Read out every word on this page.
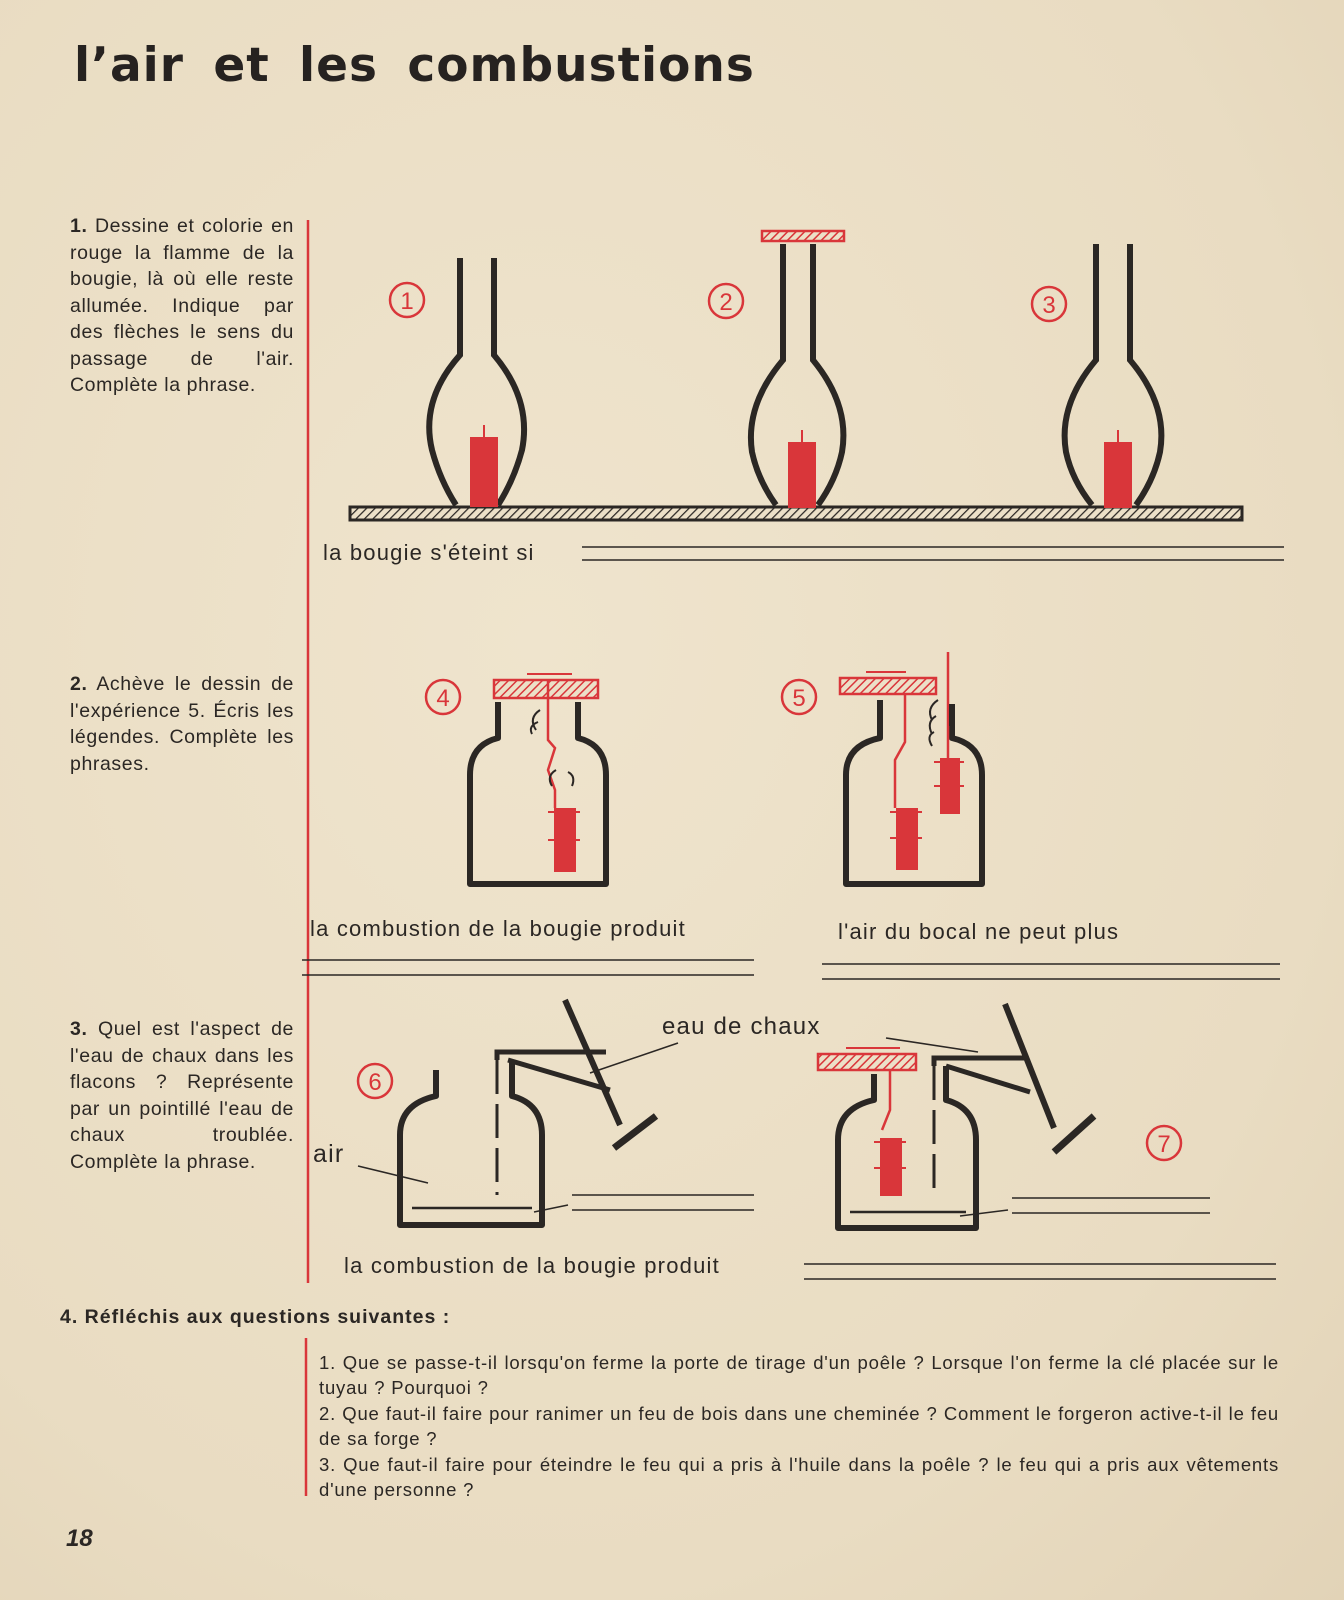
l’air et les combustions
1. Dessine et colorie en rouge la flamme de la bougie, là où elle reste allumée. Indique par des flèches le sens du passage de l'air. Complète la phrase.
2. Achève le dessin de l'expérience 5. Écris les légendes. Complète les phrases.
3. Quel est l'aspect de l'eau de chaux dans les flacons ? Représente par un pointillé l'eau de chaux troublée. Complète la phrase.
1	2	3
4	5
6
7
la bougie s'éteint si
la combustion de la bougie produit	l'air du bocal ne peut plus
eau de chaux
air
la combustion de la bougie produit
4. Réfléchis aux questions suivantes :

1. Que se passe-t-il lorsqu'on ferme la porte de tirage d'un poêle ? Lorsque l'on ferme la clé placée sur le tuyau ? Pourquoi ?

2. Que faut-il faire pour ranimer un feu de bois dans une cheminée ? Comment le forgeron active-t-il le feu de sa forge ?

3. Que faut-il faire pour éteindre le feu qui a pris à l'huile dans la poêle ? le feu qui a pris aux vêtements d'une personne ?

18
